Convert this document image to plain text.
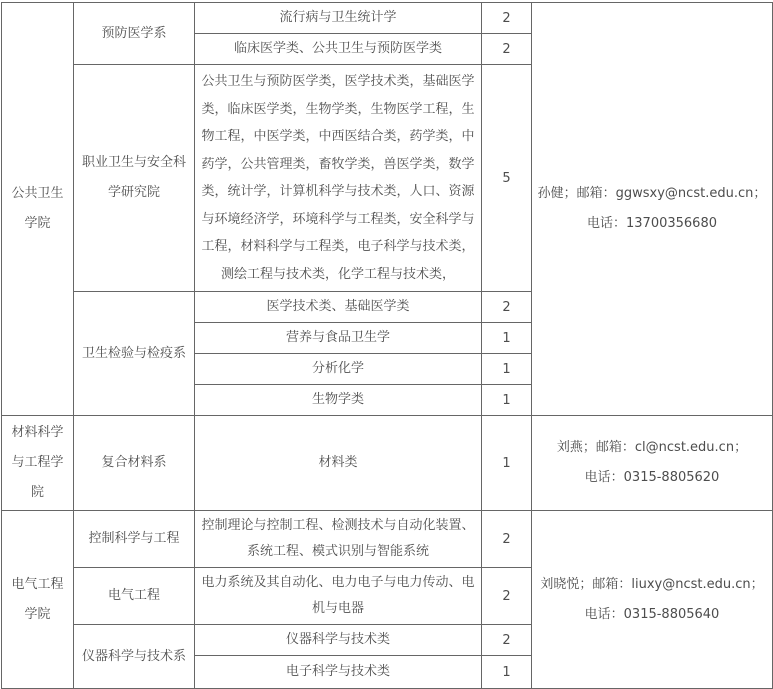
公共卫生学院	预防医学系	流行病与卫生统计学	2	孙健；邮箱：ggwsxy@ncst.edu.cn；
电话：13700356680

		临床医学类、公共卫生与预防医学类	2	
	职业卫生与安全科学研究院	公共卫生与预防医学类，医学技术类，基础医学类，临床医学类，生物学类，生物医学工程，生物工程，中医学类，中西医结合类，药学类，中药学，公共管理类，畜牧学类，兽医学类，数学类，统计学，计算机科学与技术类，人口、资源与环境经济学，环境科学与工程类，安全科学与工程，材料科学与工程类，电子科学与技术类，测绘工程与技术类，化学工程与技术类，	5	
	卫生检验与检疫系	医学技术类、基础医学类	2	
		营养与食品卫生学	1	
		分析化学	1	
		生物学类	1	
材料科学与工程学院	复合材料系	材料类	1	刘燕；邮箱：cl@ncst.edu.cn；
电话：0315-8805620

电气工程学院	控制科学与工程	控制理论与控制工程、检测技术与自动化装置、系统工程、模式识别与智能系统	2	刘晓悦；邮箱：liuxy@ncst.edu.cn；
电话：0315-8805640

	电气工程	电力系统及其自动化、电力电子与电力传动、电机与电器	2	
	仪器科学与技术系	仪器科学与技术类	2	
		电子科学与技术类	1	
